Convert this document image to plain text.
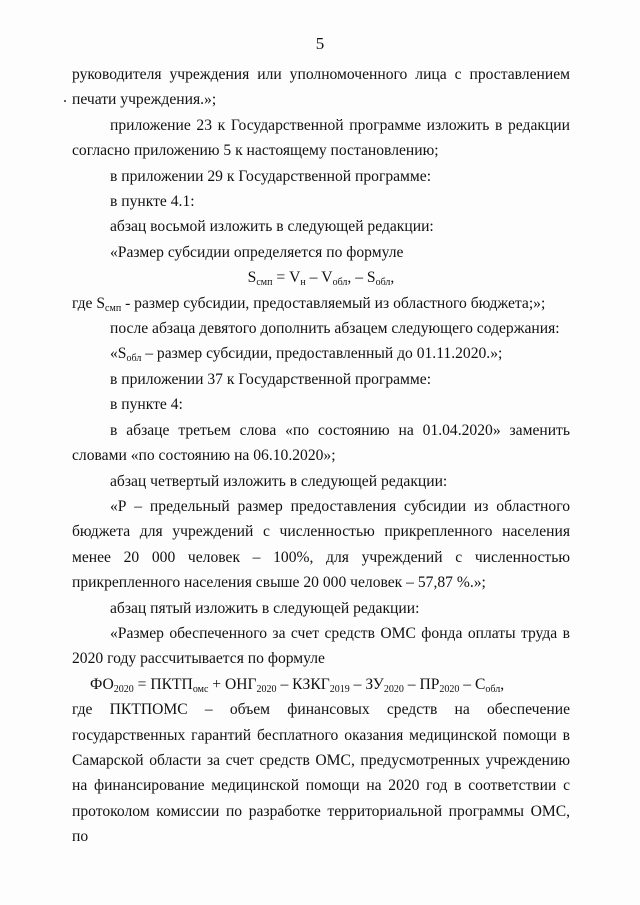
5

руководителя учреждения или уполномоченного лица с проставлением печати учреждения.»;

приложение 23 к Государственной программе изложить в редакции согласно приложению 5 к настоящему постановлению;

в приложении 29 к Государственной программе:

в пункте 4.1:

абзац восьмой изложить в следующей редакции:

«Размер субсидии определяется по формуле

$S_{смп} = V_н - V_{обл}$, – $S_{обл}$,

где $S_{смп}$ - размер субсидии, предоставляемый из областного бюджета;»;

после абзаца девятого дополнить абзацем следующего содержания:

«$S_{обл}$ – размер субсидии, предоставленный до 01.11.2020.»;

в приложении 37 к Государственной программе:

в пункте 4:

в абзаце третьем слова «по состоянию на 01.04.2020» заменить словами «по состоянию на 06.10.2020»;

абзац четвертый изложить в следующей редакции:

«Р – предельный размер предоставления субсидии из областного бюджета для учреждений с численностью прикрепленного населения менее 20 000 человек – 100%, для учреждений с численностью прикрепленного населения свыше 20 000 человек – 57,87 %.»;

абзац пятый изложить в следующей редакции:

«Размер обеспеченного за счет средств ОМС фонда оплаты труда в 2020 году рассчитывается по формуле

$ФО_{2020}$ = $ПКТП_{омс} + ОНГ_{2020}$ – $КЗКГ_{2019} - ЗУ_{2020} - ПР_{2020} - С_{обл}$,

где ПКТПОМС – объем финансовых средств на обеспечение государственных гарантий бесплатного оказания медицинской помощи в Самарской области за счет средств ОМС, предусмотренных учреждению на финансирование медицинской помощи на 2020 год в соответствии с протоколом комиссии по разработке территориальной программы ОМС, по
